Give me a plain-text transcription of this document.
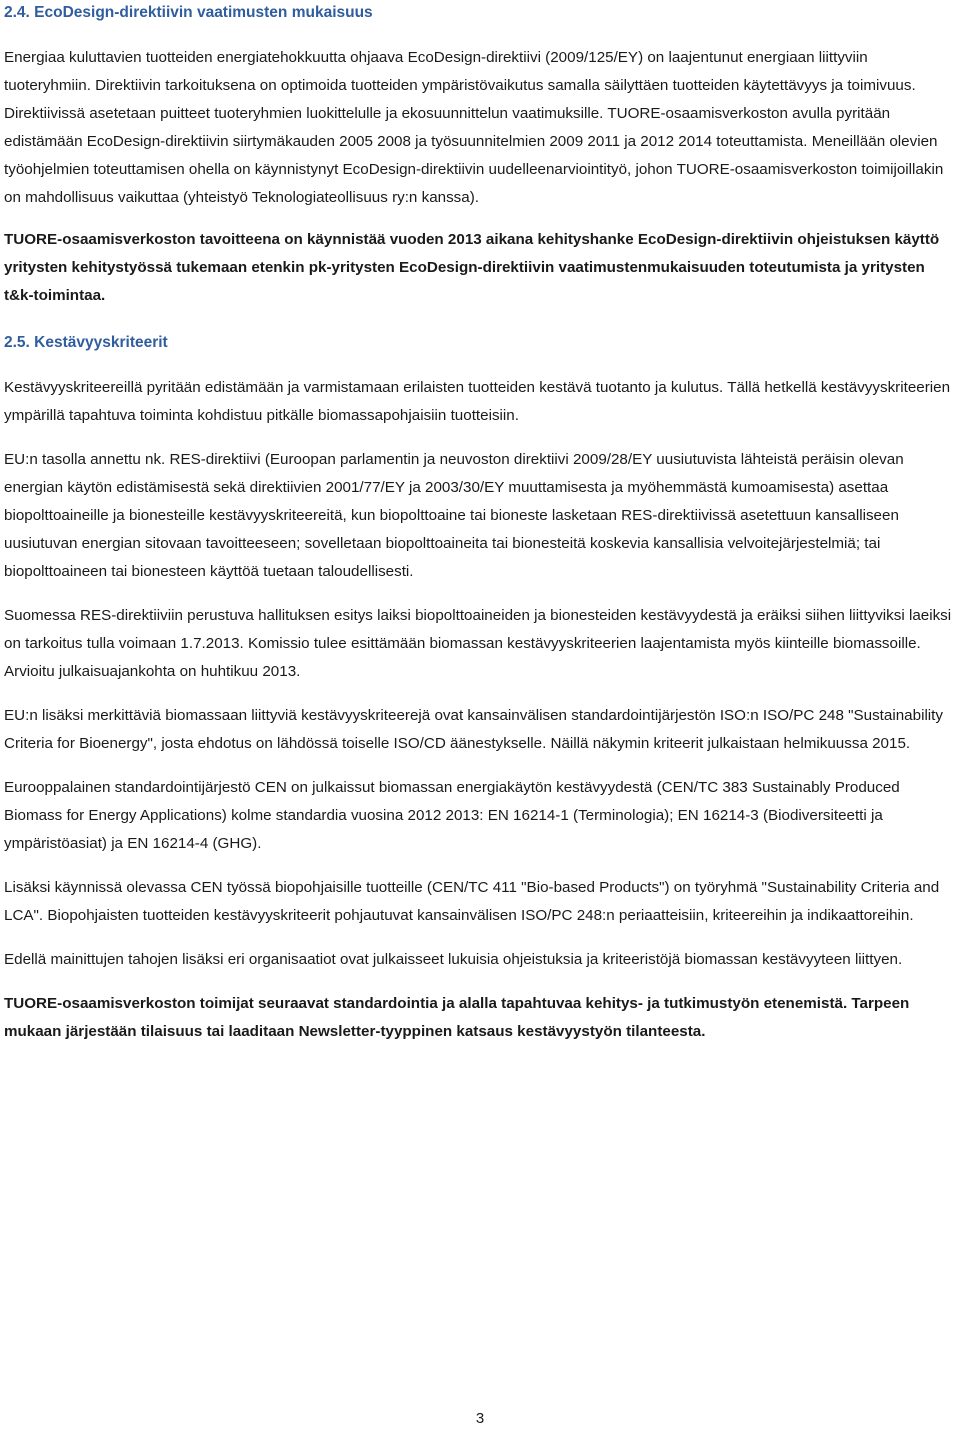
2.4. EcoDesign-direktiivin vaatimusten mukaisuus

Energiaa kuluttavien tuotteiden energiatehokkuutta ohjaava EcoDesign-direktiivi (2009/125/EY) on laajentunut energiaan liittyviin tuoteryhmiin. Direktiivin tarkoituksena on optimoida tuotteiden ympäristövaikutus samalla säilyttäen tuotteiden käytettävyys ja toimivuus. Direktiivissä asetetaan puitteet tuoteryhmien luokittelulle ja ekosuunnittelun vaatimuksille. TUORE-osaamisverkoston avulla pyritään edistämään EcoDesign-direktiivin siirtymäkauden 2005 2008 ja työsuunnitelmien 2009 2011 ja 2012 2014 toteuttamista. Meneillään olevien työohjelmien toteuttamisen ohella on käynnistynyt EcoDesign-direktiivin uudelleenarviointityö, johon TUORE-osaamisverkoston toimijoillakin on mahdollisuus vaikuttaa (yhteistyö Teknologiateollisuus ry:n kanssa).

TUORE-osaamisverkoston tavoitteena on käynnistää vuoden 2013 aikana kehityshanke EcoDesign-direktiivin ohjeistuksen käyttö yritysten kehitystyössä tukemaan etenkin pk-yritysten EcoDesign-direktiivin vaatimustenmukaisuuden toteutumista ja yritysten t&k-toimintaa.

2.5. Kestävyyskriteerit

Kestävyyskriteereillä pyritään edistämään ja varmistamaan erilaisten tuotteiden kestävä tuotanto ja kulutus. Tällä hetkellä kestävyyskriteerien ympärillä tapahtuva toiminta kohdistuu pitkälle biomassapohjaisiin tuotteisiin.

EU:n tasolla annettu nk. RES-direktiivi (Euroopan parlamentin ja neuvoston direktiivi 2009/28/EY uusiutuvista lähteistä peräisin olevan energian käytön edistämisestä sekä direktiivien 2001/77/EY ja 2003/30/EY muuttamisesta ja myöhemmästä kumoamisesta) asettaa biopolttoaineille ja bionesteille kestävyyskriteereitä, kun biopolttoaine tai bioneste lasketaan RES-direktiivissä asetettuun kansalliseen uusiutuvan energian sitovaan tavoitteeseen; sovelletaan biopolttoaineita tai bionesteitä koskevia kansallisia velvoitejärjestelmiä; tai biopolttoaineen tai bionesteen käyttöä tuetaan taloudellisesti.

Suomessa RES-direktiiviin perustuva hallituksen esitys laiksi biopolttoaineiden ja bionesteiden kestävyydestä ja eräiksi siihen liittyviksi laeiksi on tarkoitus tulla voimaan 1.7.2013. Komissio tulee esittämään biomassan kestävyyskriteerien laajentamista myös kiinteille biomassoille. Arvioitu julkaisuajankohta on huhtikuu 2013.

EU:n lisäksi merkittäviä biomassaan liittyviä kestävyyskriteerejä ovat kansainvälisen standardointijärjestön ISO:n ISO/PC 248 "Sustainability Criteria for Bioenergy", josta ehdotus on lähdössä toiselle ISO/CD äänestykselle. Näillä näkymin kriteerit julkaistaan helmikuussa 2015.

Eurooppalainen standardointijärjestö CEN on julkaissut biomassan energiakäytön kestävyydestä (CEN/TC 383 Sustainably Produced Biomass for Energy Applications) kolme standardia vuosina 2012 2013: EN 16214-1 (Terminologia); EN 16214-3 (Biodiversiteetti ja ympäristöasiat) ja EN 16214-4 (GHG).

Lisäksi käynnissä olevassa CEN työssä biopohjaisille tuotteille (CEN/TC 411 "Bio-based Products") on työryhmä "Sustainability Criteria and LCA". Biopohjaisten tuotteiden kestävyyskriteerit pohjautuvat kansainvälisen ISO/PC 248:n periaatteisiin, kriteereihin ja indikaattoreihin.

Edellä mainittujen tahojen lisäksi eri organisaatiot ovat julkaisseet lukuisia ohjeistuksia ja kriteeristöjä biomassan kestävyyteen liittyen.

TUORE-osaamisverkoston toimijat seuraavat standardointia ja alalla tapahtuvaa kehitys- ja tutkimustyön etenemistä. Tarpeen mukaan järjestään tilaisuus tai laaditaan Newsletter-tyyppinen katsaus kestävyystyön tilanteesta.

3
